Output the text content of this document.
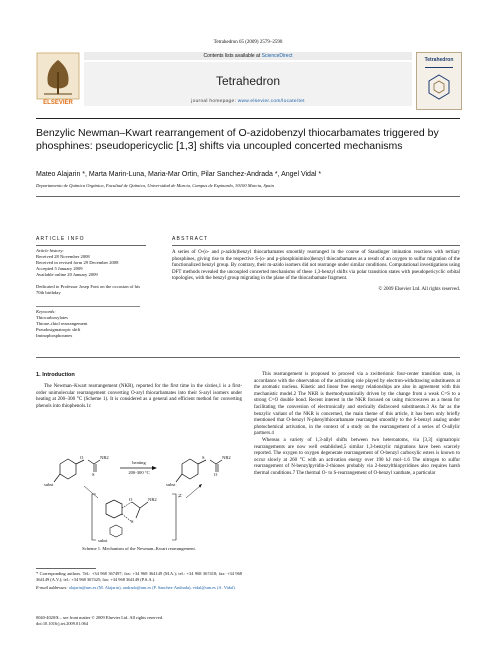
Tetrahedron 65 (2009) 2579–2590
ELSEVIER
Contents lists available at ScienceDirect
Tetrahedron
journal homepage: www.elsevier.com/locate/tet
Tetrahedron
Benzylic Newman–Kwart rearrangement of O-azidobenzyl thiocarbamates triggered by phosphines: pseudopericyclic [1,3] shifts via uncoupled concerted mechanisms
Mateo Alajarin *, Marta Marin-Luna, Maria-Mar Ortin, Pilar Sanchez-Andrada *, Angel Vidal *
Departamento de Química Orgánica, Facultad de Química, Universidad de Murcia, Campus de Espinardo, 30100 Murcia, Spain
ARTICLE INFO
Article history:
Received 28 November 2008
Received in revised form 29 December 2008
Accepted 5 January 2009
Available online 20 January 2009
Dedicated to Professor Josep Font on the occasion of his 70th birthday
Keywords:
Thiocarboxylates
Thione–thiol rearrangement
Pseudosigmatropic shift
Iminophosphoranes
ABSTRACT
A series of O-(o- and p-azido)benzyl thiocarbamates smoothly rearranged in the course of Staudinger imination reactions with tertiary phosphines, giving rise to the respective S-(o- and p-phosphinimino)benzyl thiocarbamates as a result of an oxygen to sulfur migration of the functionalized benzyl group. By contrary, their m-azido isomers did not rearrange under similar conditions. Computational investigations using DFT methods revealed the uncoupled concerted mechanisms of these 1,3-benzyl shifts via polar transition states with pseudopericyclic orbital topologies, with the benzyl group migrating in the plane of the thiocarbamate fragment.
© 2009 Elsevier Ltd. All rights reserved.
1. Introduction
The Newman–Kwart rearrangement (NKR), reported for the first time in the sixties,1 is a first-order unimolecular rearrangement converting O-aryl thiocarbamates into their S-aryl isomers under heating at 200–300 °C (Scheme 1). It is considered as a general and efficient method for converting phenols into thiophenols.1c
O	NR2
S
subst
heating
200-300 °C
S	NR2
O
subst
O	NR2
S
≠
subst
Scheme 1. Mechanism of the Newman–Kwart rearrangement.
* Corresponding authors. Tel.: +34 968 367497; fax: +34 968 364149 (M.A.); tel.: +34 968 367418; fax: +34 968 364149 (A.V.); tel.: +34 968 367425; fax: +34 968 364149 (P.S.A.).
E-mail addresses: alajarin@um.es (M. Alajarin), andrada@um.es (P. Sanchez-Andrada), vidal@um.es (A. Vidal).
0040-4020/$ – see front matter © 2009 Elsevier Ltd. All rights reserved.
doi:10.1016/j.tet.2009.01.064
This rearrangement is proposed to proceed via a zwitterionic four-center transition state, in accordance with the observation of the activating role played by electron-withdrawing substituents at the aromatic nucleus. Kinetic and linear free energy relationships are also in agreement with this mechanistic model.2 The NKR is thermodynamically driven by the change from a weak C=S to a strong C=O double bond. Recent interest in the NKR focused on using microwaves as a mean for facilitating the conversion of electronically and sterically disfavored substituents.3 As far as the benzylic variant of the NKR is concerned, the main theme of this article, it has been only briefly mentioned that O-benzyl N-phenylthiocarbamate rearranged smoothly to the S-benzyl analog under photochemical activation, in the context of a study on the rearrangement of a series of O-allylic partners.4
Whereas a variety of 1,3-allyl shifts between two heteroatoms, via [3,3] sigmatropic rearrangements are now well established,5 similar 1,3-benzylic migrations have been scarcely reported. The oxygen to oxygen degenerate rearrangement of O-benzyl carboxylic esters is known to occur slowly at 260 °C with an activation energy over 190 kJ mol−1.6 The nitrogen to sulfur rearrangement of N-benzylpyridin-2-thiones probably via 2-benzylthiopyridines also requires harsh thermal conditions.7 The thermal O- to S-rearrangement of O-benzyl xanthate, a particular
